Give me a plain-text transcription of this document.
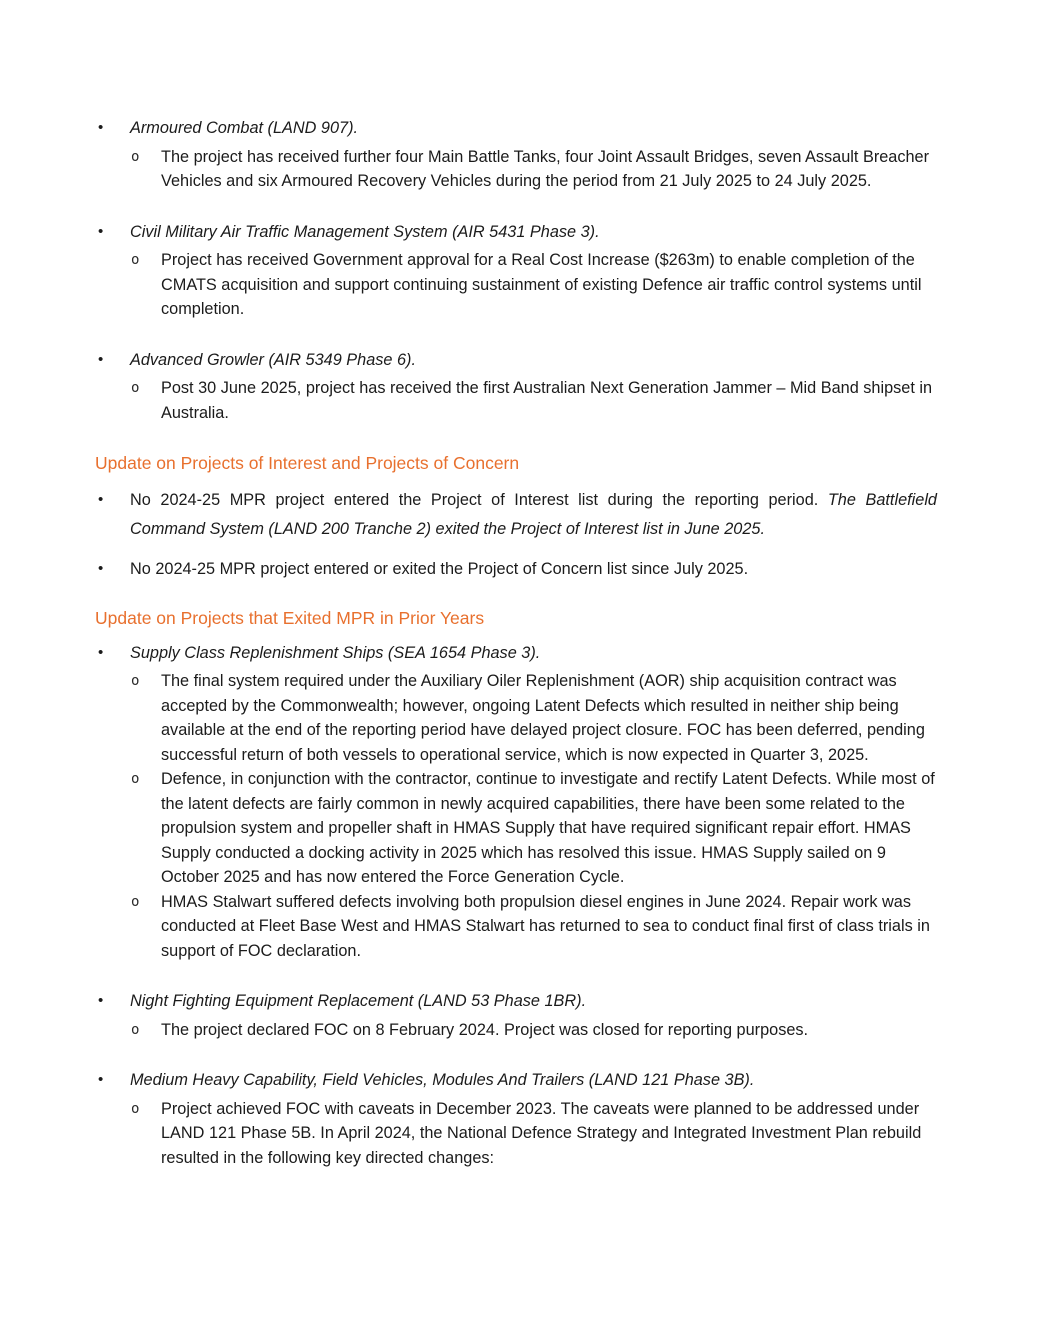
•	Armoured Combat (LAND 907).

o	The project has received further four Main Battle Tanks, four Joint Assault Bridges, seven Assault Breacher Vehicles and six Armoured Recovery Vehicles during the period from 21 July 2025 to 24 July 2025.

•	Civil Military Air Traffic Management System (AIR 5431 Phase 3).

o	Project has received Government approval for a Real Cost Increase ($263m) to enable completion of the CMATS acquisition and support continuing sustainment of existing Defence air traffic control systems until completion.

•	Advanced Growler (AIR 5349 Phase 6).

o	Post 30 June 2025, project has received the first Australian Next Generation Jammer – Mid Band shipset in Australia.

Update on Projects of Interest and Projects of Concern
•	No 2024-25 MPR project entered the Project of Interest list during the reporting period. The Battlefield Command System (LAND 200 Tranche 2) exited the Project of Interest list in June 2025.

•	No 2024-25 MPR project entered or exited the Project of Concern list since July 2025.

Update on Projects that Exited MPR in Prior Years
•	Supply Class Replenishment Ships (SEA 1654 Phase 3).

o	The final system required under the Auxiliary Oiler Replenishment (AOR) ship acquisition contract was accepted by the Commonwealth; however, ongoing Latent Defects which resulted in neither ship being available at the end of the reporting period have delayed project closure. FOC has been deferred, pending successful return of both vessels to operational service, which is now expected in Quarter 3, 2025.

o	Defence, in conjunction with the contractor, continue to investigate and rectify Latent Defects. While most of the latent defects are fairly common in newly acquired capabilities, there have been some related to the propulsion system and propeller shaft in HMAS Supply that have required significant repair effort. HMAS Supply conducted a docking activity in 2025 which has resolved this issue. HMAS Supply sailed on 9 October 2025 and has now entered the Force Generation Cycle.

o	HMAS Stalwart suffered defects involving both propulsion diesel engines in June 2024. Repair work was conducted at Fleet Base West and HMAS Stalwart has returned to sea to conduct final first of class trials in support of FOC declaration.

•	Night Fighting Equipment Replacement (LAND 53 Phase 1BR).

o	The project declared FOC on 8 February 2024. Project was closed for reporting purposes.

•	Medium Heavy Capability, Field Vehicles, Modules And Trailers (LAND 121 Phase 3B).

o	Project achieved FOC with caveats in December 2023. The caveats were planned to be addressed under LAND 121 Phase 5B. In April 2024, the National Defence Strategy and Integrated Investment Plan rebuild resulted in the following key directed changes:
